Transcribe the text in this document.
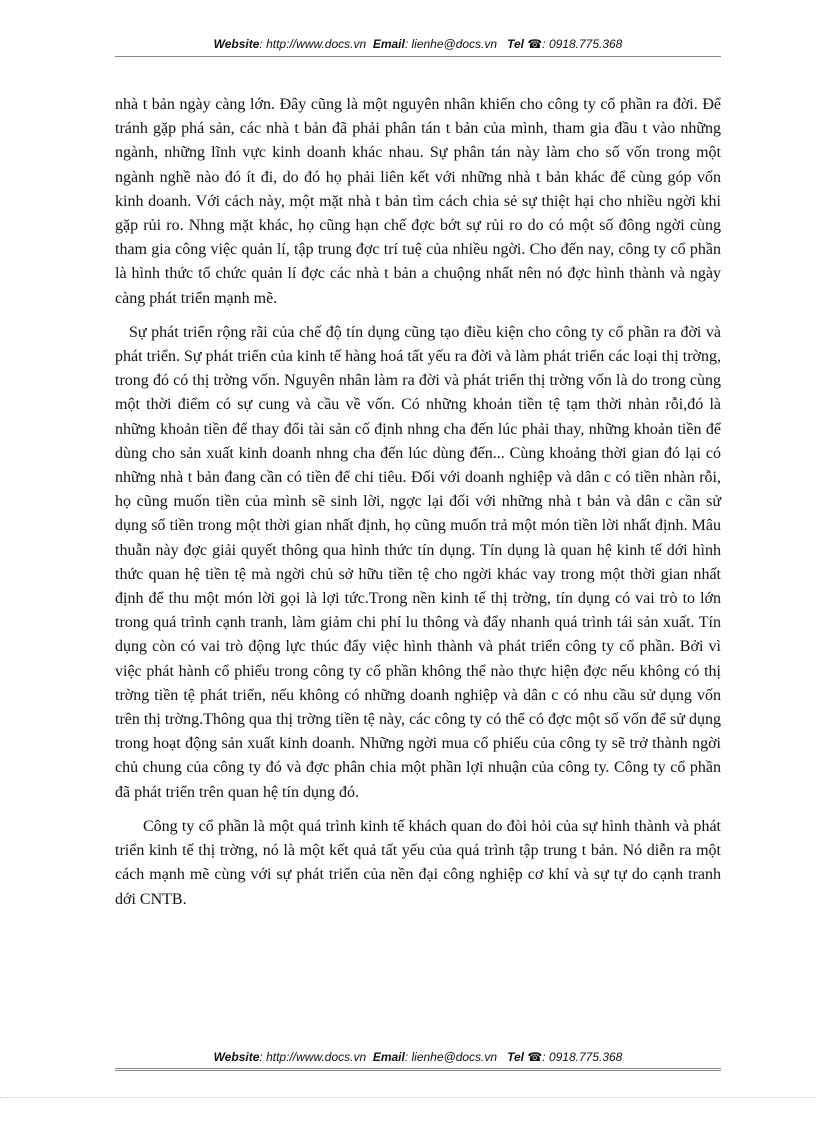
Website: http://www.docs.vn Email: lienhe@docs.vn Tel ☎: 0918.775.368

nhà t bản ngày càng lớn. Đây cũng là một nguyên nhân khiến cho công ty cổ phần ra đời. Để tránh gặp phá sản, các nhà t bản đã phải phân tán t bản của mình, tham gia đầu t vào những ngành, những lĩnh vực kinh doanh khác nhau. Sự phân tán này làm cho số vốn trong một ngành nghề nào đó ít đi, do đó họ phải liên kết với những nhà t bản khác để cùng góp vốn kinh doanh. Với cách này, một mặt nhà t bản tìm cách chia sẻ sự thiệt hại cho nhiều ngời khi gặp rủi ro. Nhng mặt khác, họ cũng hạn chế đợc bớt sự rủi ro do có một số đông ngời cùng tham gia công việc quản lí, tập trung đợc trí tuệ của nhiều ngời. Cho đến nay, công ty cổ phần là hình thức tổ chức quản lí đợc các nhà t bản a chuộng nhất nên nó đợc hình thành và ngày càng phát triển mạnh mẽ.

Sự phát triển rộng rãi của chế độ tín dụng cũng tạo điều kiện cho công ty cổ phần ra đời và phát triển. Sự phát triển của kinh tế hàng hoá tất yếu ra đời và làm phát triển các loại thị trờng, trong đó có thị trờng vốn. Nguyên nhân làm ra đời và phát triển thị trờng vốn là do trong cùng một thời điểm có sự cung và cầu về vốn. Có những khoản tiền tệ tạm thời nhàn rỗi,đó là những khoản tiền để thay đổi tài sản cố định nhng cha đến lúc phải thay, những khoản tiền để dùng cho sản xuất kinh doanh nhng cha đến lúc dùng đến... Cùng khoảng thời gian đó lại có những nhà t bản đang cần có tiền để chi tiêu. Đối với doanh nghiệp và dân c có tiền nhàn rỗi, họ cũng muốn tiền của mình sẽ sinh lời, ngợc lại đối với những nhà t bản và dân c cần sử dụng số tiền trong một thời gian nhất định, họ cũng muốn trả một món tiền lời nhất định. Mâu thuẫn này đợc giải quyết thông qua hình thức tín dụng. Tín dụng là quan hệ kinh tế dới hình thức quan hệ tiền tệ mà ngời chủ sở hữu tiền tệ cho ngời khác vay trong một thời gian nhất định để thu một món lời gọi là lợi tức.Trong nền kinh tế thị trờng, tín dụng có vai trò to lớn trong quá trình cạnh tranh, làm giảm chi phí lu thông và đẩy nhanh quá trình tái sản xuất. Tín dụng còn có vai trò động lực thúc đẩy việc hình thành và phát triển công ty cổ phần. Bởi vì việc phát hành cổ phiếu trong công ty cổ phần không thể nào thực hiện đợc nếu không có thị trờng tiền tệ phát triển, nếu không có những doanh nghiệp và dân c có nhu cầu sử dụng vốn trên thị trờng.Thông qua thị trờng tiền tệ này, các công ty có thể có đợc một số vốn để sử dụng trong hoạt động sản xuất kinh doanh. Những ngời mua cổ phiếu của công ty sẽ trở thành ngời chủ chung của công ty đó và đợc phân chia một phần lợi nhuận của công ty. Công ty cổ phần đã phát triển trên quan hệ tín dụng đó.

Công ty cổ phần là một quá trình kinh tế khách quan do đòi hỏi của sự hình thành và phát triển kinh tế thị trờng, nó là một kết quả tất yếu của quá trình tập trung t bản. Nó diễn ra một cách mạnh mẽ cùng với sự phát triển của nền đại công nghiệp cơ khí và sự tự do cạnh tranh dới CNTB.

Website: http://www.docs.vn Email: lienhe@docs.vn Tel ☎: 0918.775.368
